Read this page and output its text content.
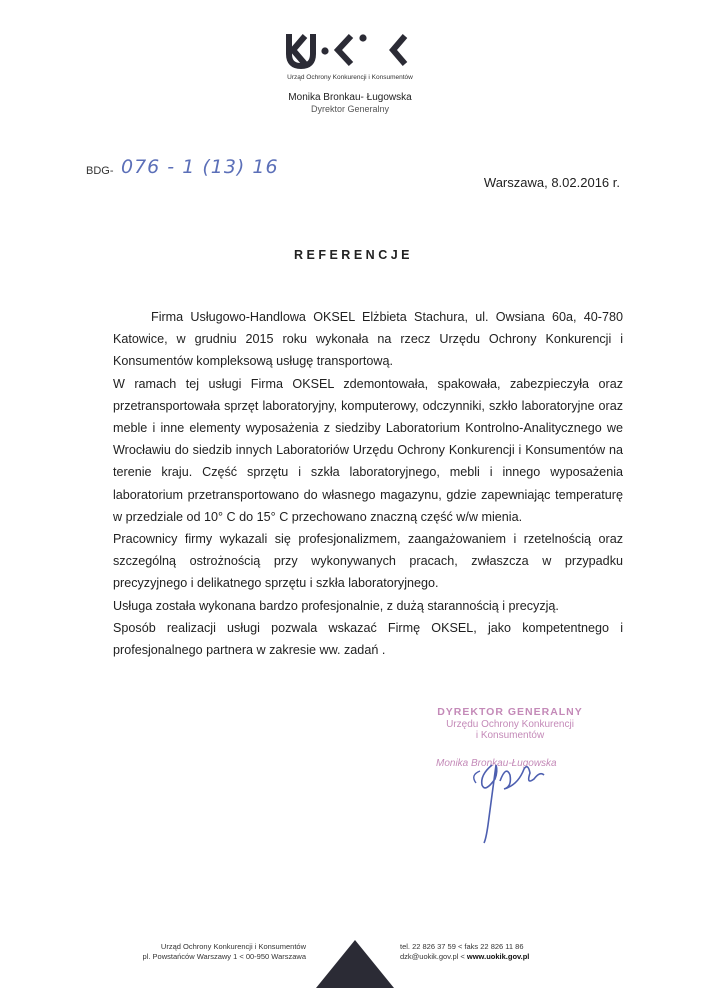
Urząd Ochrony Konkurencji i Konsumentów
Monika Bronkau- Ługowska
Dyrektor Generalny
BDG- 076 - 1 (13) 16
Warszawa, 8.02.2016 r.
REFERENCJE

Firma Usługowo-Handlowa OKSEL Elżbieta Stachura, ul. Owsiana 60a, 40-780 Katowice, w grudniu 2015 roku wykonała na rzecz Urzędu Ochrony Konkurencji i Konsumentów kompleksową usługę transportową.

W ramach tej usługi Firma OKSEL zdemontowała, spakowała, zabezpieczyła oraz przetransportowała sprzęt laboratoryjny, komputerowy, odczynniki, szkło laboratoryjne oraz meble i inne elementy wyposażenia z siedziby Laboratorium Kontrolno-Analitycznego we Wrocławiu do siedzib innych Laboratoriów Urzędu Ochrony Konkurencji i Konsumentów na terenie kraju. Część sprzętu i szkła laboratoryjnego, mebli i innego wyposażenia laboratorium przetransportowano do własnego magazynu, gdzie zapewniając temperaturę w przedziale od 10° C do 15° C przechowano znaczną część w/w mienia.

Pracownicy firmy wykazali się profesjonalizmem, zaangażowaniem i rzetelnością oraz szczególną ostrożnością przy wykonywanych pracach, zwłaszcza w przypadku precyzyjnego i delikatnego sprzętu i szkła laboratoryjnego.

Usługa została wykonana bardzo profesjonalnie, z dużą starannością i precyzją.

Sposób realizacji usługi pozwala wskazać Firmę OKSEL, jako kompetentnego i profesjonalnego partnera w zakresie ww. zadań .

DYREKTOR GENERALNY
Urzędu Ochrony Konkurencji
i Konsumentów
Monika Bronkau-Ługowska
Urząd Ochrony Konkurencji i Konsumentów
pl. Powstańców Warszawy 1 < 00-950 Warszawa
tel. 22 826 37 59 < faks 22 826 11 86
dzk@uokik.gov.pl < www.uokik.gov.pl
